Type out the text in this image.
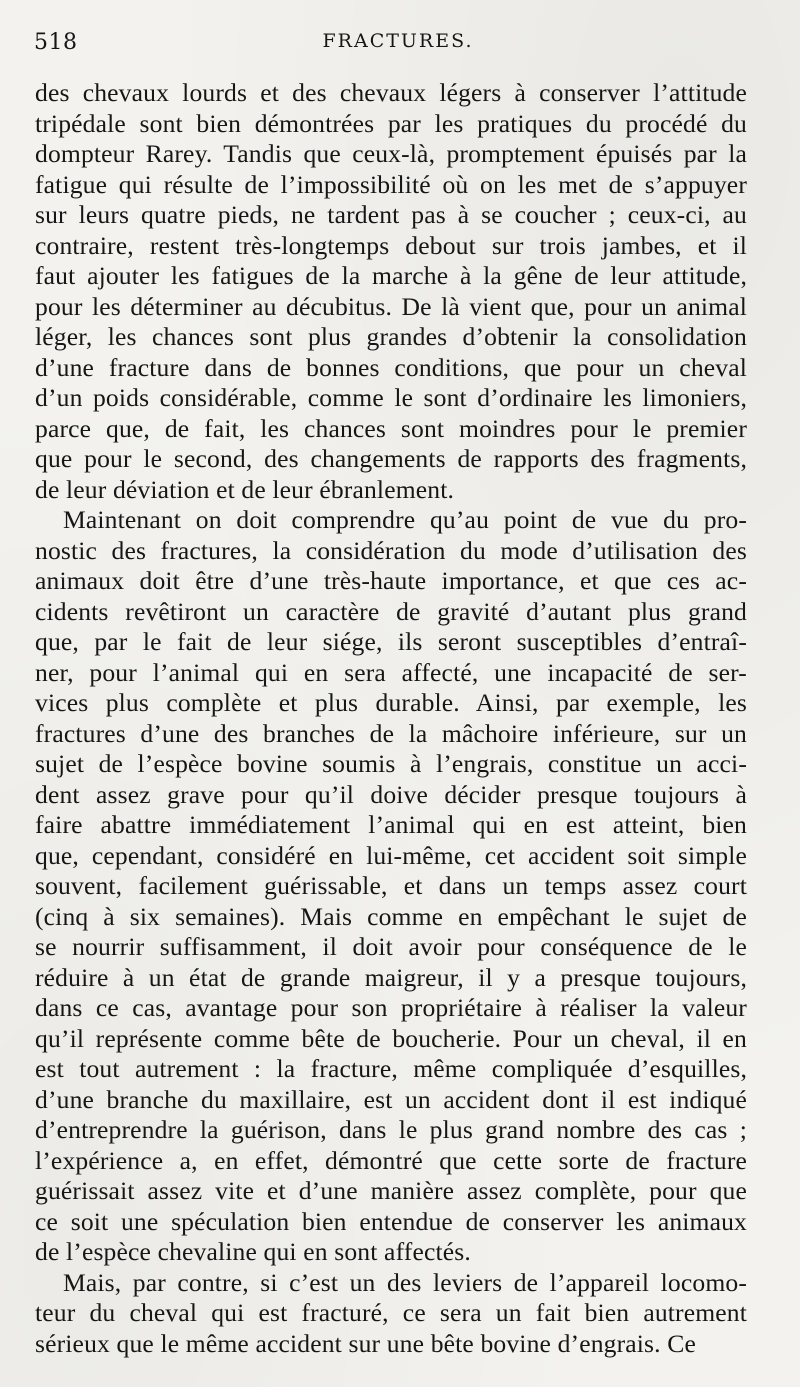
518	FRACTURES.
des chevaux lourds et des chevaux légers à conserver l’attitude
tripédale sont bien démontrées par les pratiques du procédé du
dompteur Rarey. Tandis que ceux-là, promptement épuisés par la
fatigue qui résulte de l’impossibilité où on les met de s’appuyer
sur leurs quatre pieds, ne tardent pas à se coucher ; ceux-ci, au
contraire, restent très-longtemps debout sur trois jambes, et il
faut ajouter les fatigues de la marche à la gêne de leur attitude,
pour les déterminer au décubitus. De là vient que, pour un animal
léger, les chances sont plus grandes d’obtenir la consolidation
d’une fracture dans de bonnes conditions, que pour un cheval
d’un poids considérable, comme le sont d’ordinaire les limoniers,
parce que, de fait, les chances sont moindres pour le premier
que pour le second, des changements de rapports des fragments,
de leur déviation et de leur ébranlement.
Maintenant on doit comprendre qu’au point de vue du pro-
nostic des fractures, la considération du mode d’utilisation des
animaux doit être d’une très-haute importance, et que ces ac-
cidents revêtiront un caractère de gravité d’autant plus grand
que, par le fait de leur siége, ils seront susceptibles d’entraî-
ner, pour l’animal qui en sera affecté, une incapacité de ser-
vices plus complète et plus durable. Ainsi, par exemple, les
fractures d’une des branches de la mâchoire inférieure, sur un
sujet de l’espèce bovine soumis à l’engrais, constitue un acci-
dent assez grave pour qu’il doive décider presque toujours à
faire abattre immédiatement l’animal qui en est atteint, bien
que, cependant, considéré en lui-même, cet accident soit simple
souvent, facilement guérissable, et dans un temps assez court
(cinq à six semaines). Mais comme en empêchant le sujet de
se nourrir suffisamment, il doit avoir pour conséquence de le
réduire à un état de grande maigreur, il y a presque toujours,
dans ce cas, avantage pour son propriétaire à réaliser la valeur
qu’il représente comme bête de boucherie. Pour un cheval, il en
est tout autrement : la fracture, même compliquée d’esquilles,
d’une branche du maxillaire, est un accident dont il est indiqué
d’entreprendre la guérison, dans le plus grand nombre des cas ;
l’expérience a, en effet, démontré que cette sorte de fracture
guérissait assez vite et d’une manière assez complète, pour que
ce soit une spéculation bien entendue de conserver les animaux
de l’espèce chevaline qui en sont affectés.
Mais, par contre, si c’est un des leviers de l’appareil locomo-
teur du cheval qui est fracturé, ce sera un fait bien autrement
sérieux que le même accident sur une bête bovine d’engrais. Ce
